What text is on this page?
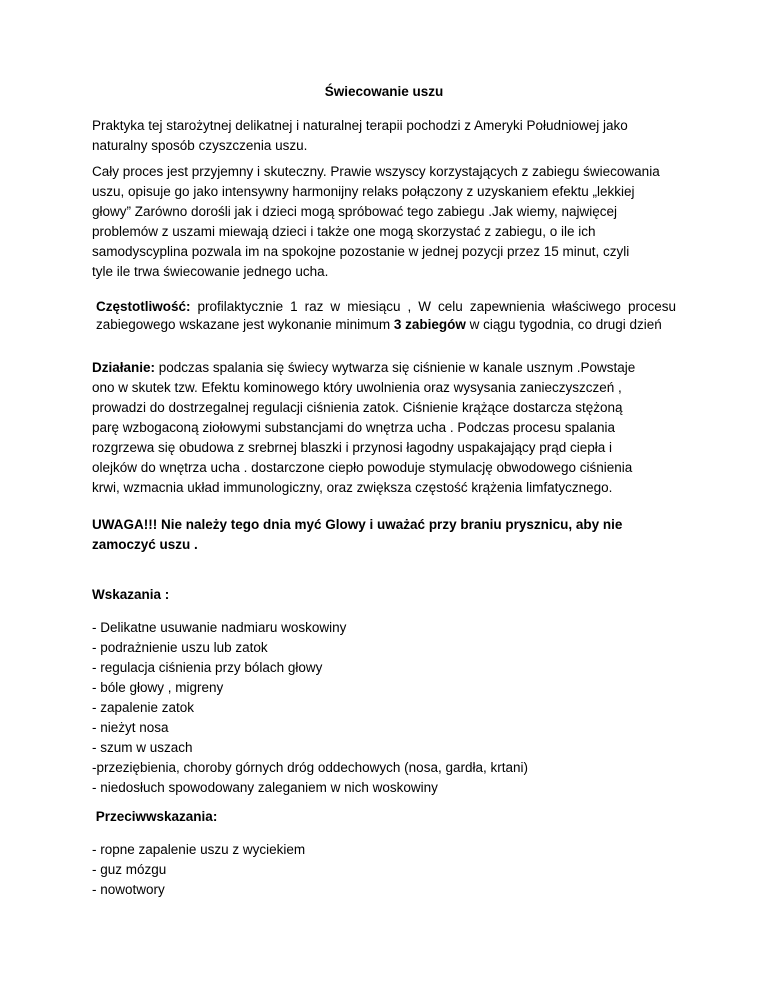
Świecowanie uszu
Praktyka tej starożytnej delikatnej i naturalnej terapii pochodzi z Ameryki Południowej jako
naturalny sposób czyszczenia uszu.
Cały proces jest przyjemny i skuteczny. Prawie wszyscy korzystających z zabiegu świecowania
uszu, opisuje go jako intensywny harmonijny relaks połączony z uzyskaniem efektu „lekkiej
głowy” Zarówno dorośli jak i dzieci mogą spróbować tego zabiegu .Jak wiemy, najwięcej
problemów z uszami miewają dzieci i także one mogą skorzystać z zabiegu, o ile ich
samodyscyplina pozwala im na spokojne pozostanie w jednej pozycji przez 15 minut, czyli
tyle ile trwa świecowanie jednego ucha.
Częstotliwość: profilaktycznie 1 raz w miesiącu , W celu zapewnienia właściwego procesu zabiegowego wskazane jest wykonanie minimum 3 zabiegów w ciągu tygodnia, co drugi dzień
Działanie: podczas spalania się świecy wytwarza się ciśnienie w kanale usznym .Powstaje
ono w skutek tzw. Efektu kominowego który uwolnienia oraz wysysania zanieczyszczeń ,
prowadzi do dostrzegalnej regulacji ciśnienia zatok. Ciśnienie krążące dostarcza stężoną
parę wzbogaconą ziołowymi substancjami do wnętrza ucha . Podczas procesu spalania
rozgrzewa się obudowa z srebrnej blaszki i przynosi łagodny uspakajający prąd ciepła i
olejków do wnętrza ucha . dostarczone ciepło powoduje stymulację obwodowego ciśnienia
krwi, wzmacnia układ immunologiczny, oraz zwiększa częstość krążenia limfatycznego.
UWAGA!!! Nie należy tego dnia myć Glowy i uważać przy braniu prysznicu, aby nie
zamoczyć uszu .
Wskazania :
- Delikatne usuwanie nadmiaru woskowiny
- podrażnienie uszu lub zatok
- regulacja ciśnienia przy bólach głowy
- bóle głowy , migreny
- zapalenie zatok
- nieżyt nosa
- szum w uszach
-przeziębienia, choroby górnych dróg oddechowych (nosa, gardła, krtani)
- niedosłuch spowodowany zaleganiem w nich woskowiny
Przeciwwskazania:
- ropne zapalenie uszu z wyciekiem
- guz mózgu
- nowotwory
